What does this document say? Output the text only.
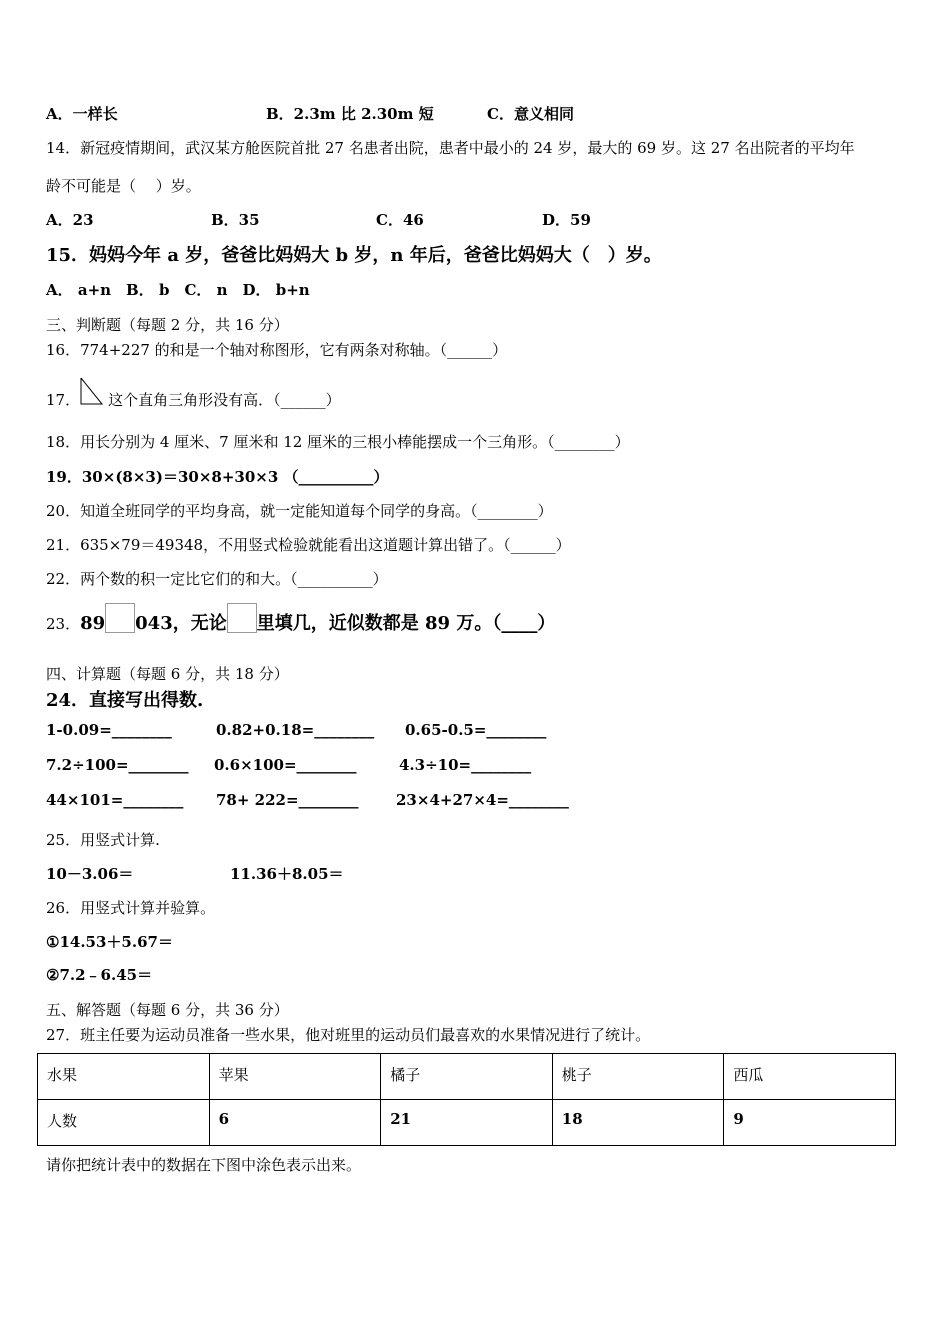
A．一样长	B．2.3m 比 2.30m 短	C．意义相同
14．新冠疫情期间，武汉某方舱医院首批 27 名患者出院，患者中最小的 24 岁，最大的 69 岁。这 27 名出院者的平均年
龄不可能是（　 ）岁。
A．23	B．35	C．46	D．59
15．妈妈今年 a 岁，爸爸比妈妈大 b 岁，n 年后，爸爸比妈妈大（　）岁。
A． a+n　B． b　C． n　D． b+n
三、判断题（每题 2 分，共 16 分）
16．774+227 的和是一个轴对称图形，它有两条对称轴。（______）
17． 这个直角三角形没有高．（______）
18．用长分别为 4 厘米、7 厘米和 12 厘米的三根小棒能摆成一个三角形。（________）
19．30×(8×3)＝30×8+30×3 （__________）
20．知道全班同学的平均身高，就一定能知道每个同学的身高。（________）
21．635×79＝49348，不用竖式检验就能看出这道题计算出错了。（______）
22．两个数的积一定比它们的和大。（__________）
23．89 043，无论 里填几，近似数都是 89 万。（____）
四、计算题（每题 6 分，共 18 分）
24．直接写出得数.
1-0.09=________	0.82+0.18=________ 0.65-0.5=________
7.2÷100=________ 0.6×100=________	4.3÷10=________
44×101=________ 78+ 222=________ 23×4+27×4=________
25．用竖式计算.
10－3.06＝	11.36＋8.05＝
26．用竖式计算并验算。
①14.53＋5.67＝
②7.2﹣6.45＝
五、解答题（每题 6 分，共 36 分）
27．班主任要为运动员准备一些水果，他对班里的运动员们最喜欢的水果情况进行了统计。
水果	苹果	橘子	桃子	西瓜
人数	6	21	18	9
请你把统计表中的数据在下图中涂色表示出来。
